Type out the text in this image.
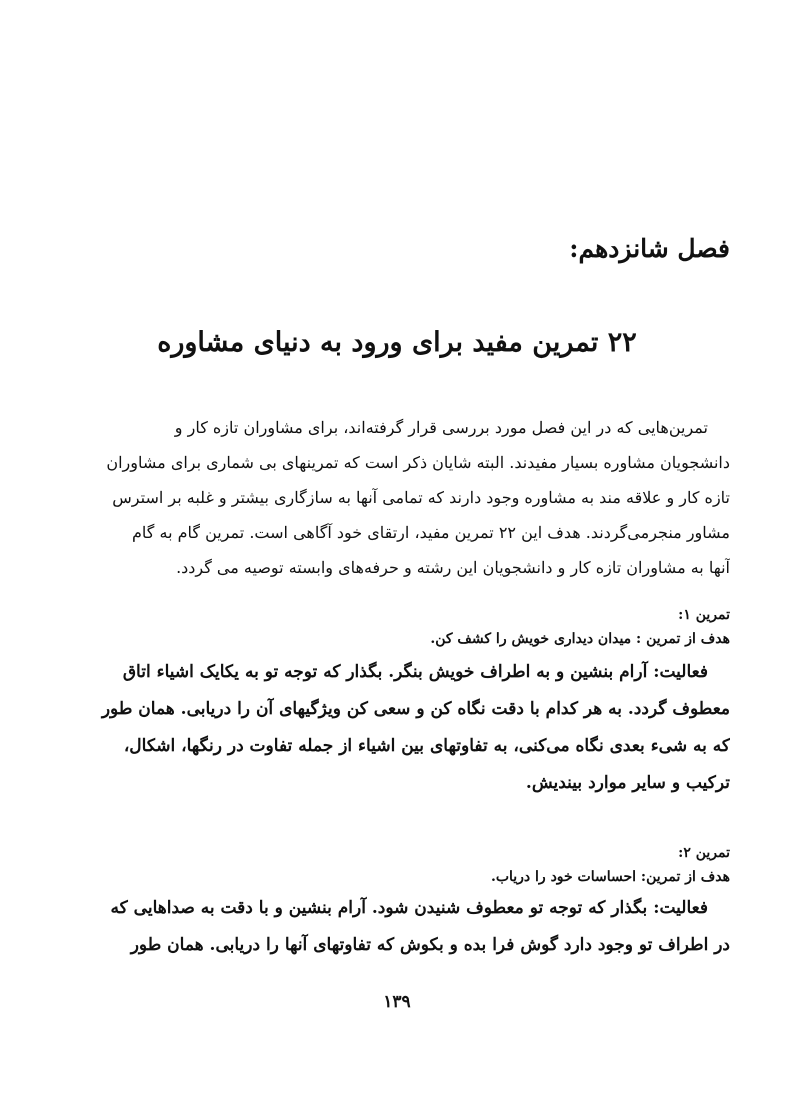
فصل شانزدهم:
۲۲ تمرین مفید برای ورود به دنیای مشاوره

تمرین‌هایی که در این فصل مورد بررسی قرار گرفته‌اند، برای مشاوران تازه کار و
دانشجویان مشاوره بسیار مفیدند. البته شایان ذکر است که تمرینهای بی شماری برای مشاوران
تازه کار و علاقه مند به مشاوره وجود دارند که تمامی آنها به سازگاری بیشتر و غلبه بر استرس
مشاور منجرمی‌گردند. هدف این ۲۲ تمرین مفید، ارتقای خود آگاهی است. تمرین گام به گام
آنها به مشاوران تازه کار و دانشجویان این رشته و حرفه‌های وابسته توصیه می گردد.

تمرین ۱:

هدف از تمرین : میدان دیداری خویش را کشف کن.

فعالیت: آرام بنشین و به اطراف خویش بنگر. بگذار که توجه تو به یکایک اشیاء اتاق
معطوف گردد. به هر کدام با دقت نگاه کن و سعی کن ویژگیهای آن را دریابی. همان طور
که به شیء بعدی نگاه می‌کنی، به تفاوتهای بین اشیاء از جمله تفاوت در رنگها، اشکال،
ترکیب و سایر موارد بیندیش.

تمرین ۲:

هدف از تمرین: احساسات خود را دریاب.

فعالیت: بگذار که توجه تو معطوف شنیدن شود. آرام بنشین و با دقت به صداهایی که
در اطراف تو وجود دارد گوش فرا بده و بکوش که تفاوتهای آنها را دریابی. همان طور

۱۳۹
